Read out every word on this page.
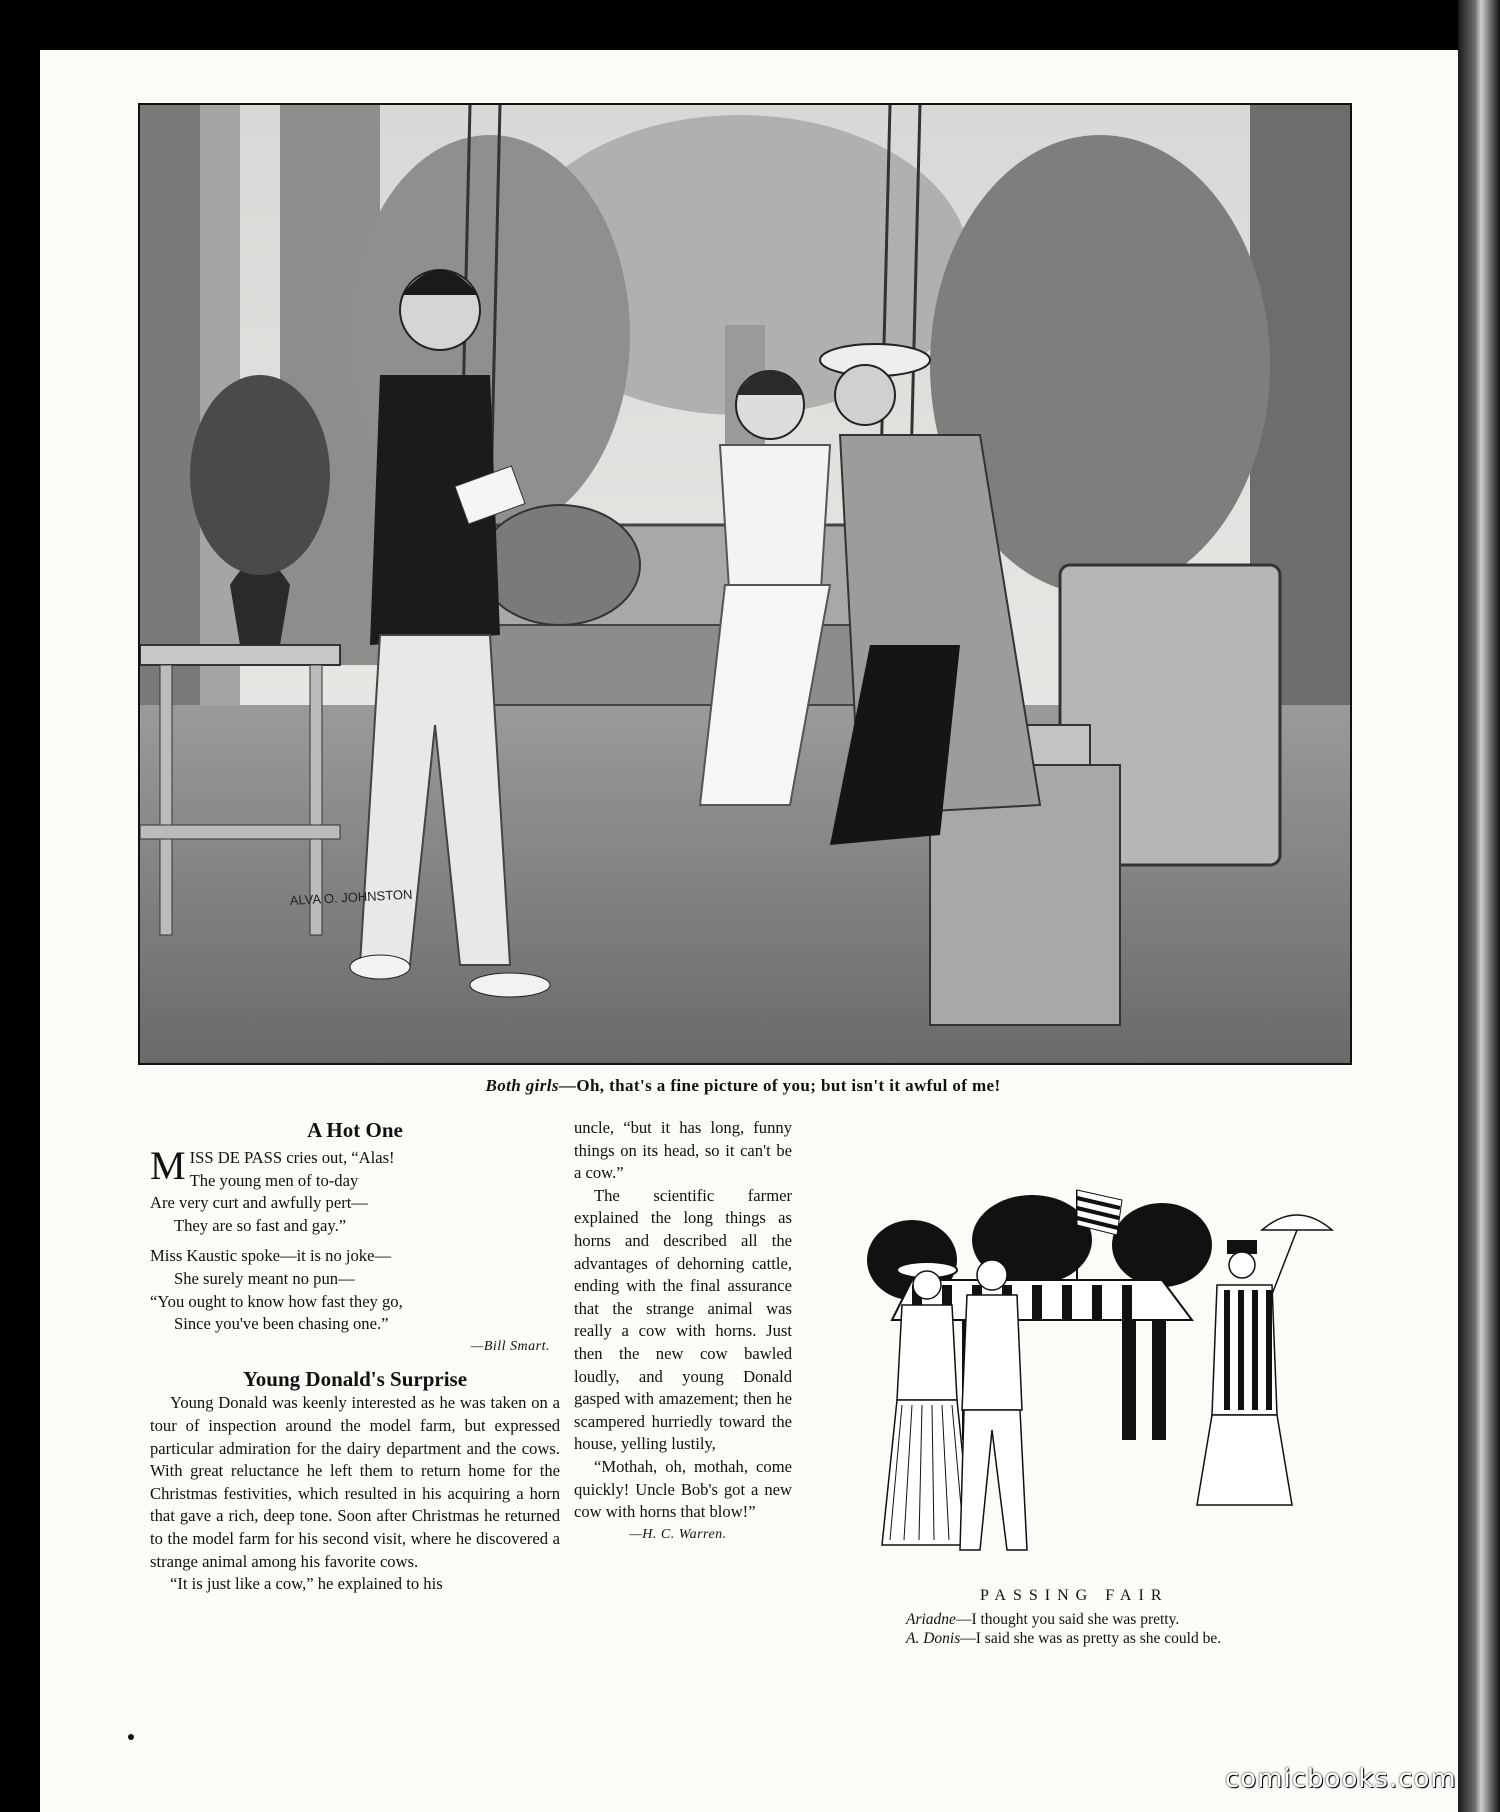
ALVA O. JOHNSTON
Both girls—Oh, that's a fine picture of you; but isn't it awful of me!
A Hot One
M ISS DE PASS cries out, “Alas!
The young men of to-day
Are very curt and awfully pert—
They are so fast and gay.”
Miss Kaustic spoke—it is no joke—
She surely meant no pun—
“You ought to know how fast they go,
Since you've been chasing one.”
—Bill Smart.
Young Donald's Surprise

Young Donald was keenly interested as he was taken on a tour of inspection around the model farm, but expressed particular admiration for the dairy department and the cows. With great reluctance he left them to return home for the Christmas festivities, which resulted in his acquiring a horn that gave a rich, deep tone. Soon after Christmas he returned to the model farm for his second visit, where he discovered a strange animal among his favorite cows.

“It is just like a cow,” he explained to his

uncle, “but it has long, funny things on its head, so it can't be a cow.”

The scientific farmer explained the long things as horns and described all the advantages of dehorning cattle, ending with the final assurance that the strange animal was really a cow with horns. Just then the new cow bawled loudly, and young Donald gasped with amazement; then he scampered hurriedly toward the house, yelling lustily,

“Mothah, oh, mothah, come quickly! Uncle Bob's got a new cow with horns that blow!”

—H. C. Warren.
PASSING FAIR
Ariadne—I thought you said she was pretty.
A. Donis—I said she was as pretty as she could be.
comicbooks.com
